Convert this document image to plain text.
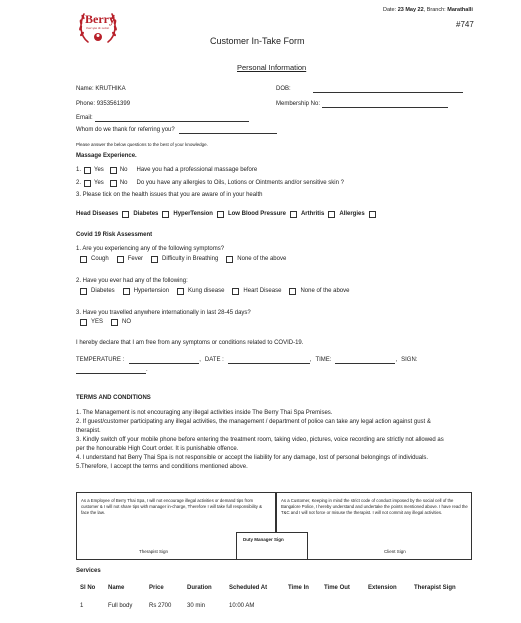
Date: 23 May 22, Branch: Marathalli
#747
Berry
thai spa & salon
Customer In-Take Form
Personal Information
Name: KRUTHIKA	DOB:
Phone: 9353561399	Membership No:
Email:
Whom do we thank for referring you?
Please answer the below questions to the best of your knowledge.
Massage Experience.
1. Yes	No Have you had a professional massage before
2. Yes	No Do you have any allergies to Oils, Lotions or Ointments and/or sensitive skin ?
3. Please tick on the health issues that you are aware of in your health
Head Diseases	Diabetes	HyperTension	Low Blood Pressure	Arthritis	Allergies
Covid 19 Risk Assessment
1. Are you experiencing any of the following symptoms?
Cough	Fever	Difficulty in Breathing	None of the above
2. Have you ever had any of the following:
Diabetes	Hypertension	Kung disease	Heart Disease	None of the above
3. Have you travelled anywhere internationally in last 28-45 days?
YES	NO
I hereby declare that I am free from any symptoms or conditions related to COVID-19.
TEMPERATURE :	, DATE :	, TIME:	, SIGN:
.
TERMS AND CONDITIONS
1. The Management is not encouraging any illegal activities inside The Berry Thai Spa Premises.
2. If guest/customer participating any illegal activities, the management / department of police can take any legal action against gust & therapist.
3. Kindly switch off your mobile phone before entering the treatment room, taking video, pictures, voice recording are strictly not allowed as per the honourable High Court order. It is punishable offence.
4. I understand hat Berry Thai Spa is not responsible or accept the liability for any damage, lost of personal belongings of individuals.
5.Therefore, I accept the terms and conditions mentioned above.
As a Employee of Berry Thai Spa, I will not encourage illegal activities or demand tips from customer & I will not share tips with manager in-charge, Therefore I will take full responsibility & face the law.
Therapist Sign
As a Customer, Keeping in mind the strict code of conduct imposed by the social cell of the Bangalore Police, I hereby understand and undertake the points mentioned above. I have read the T&C and I will not force or misuse the therapist. I will not commit any illegal activities.
Client Sign
Duty Manager Sign
Services
Sl No Name	Price	Duration	Scheduled At	Time In	Time Out	Extension	Therapist Sign
1	Full body	Rs 2700	30 min	10:00 AM
